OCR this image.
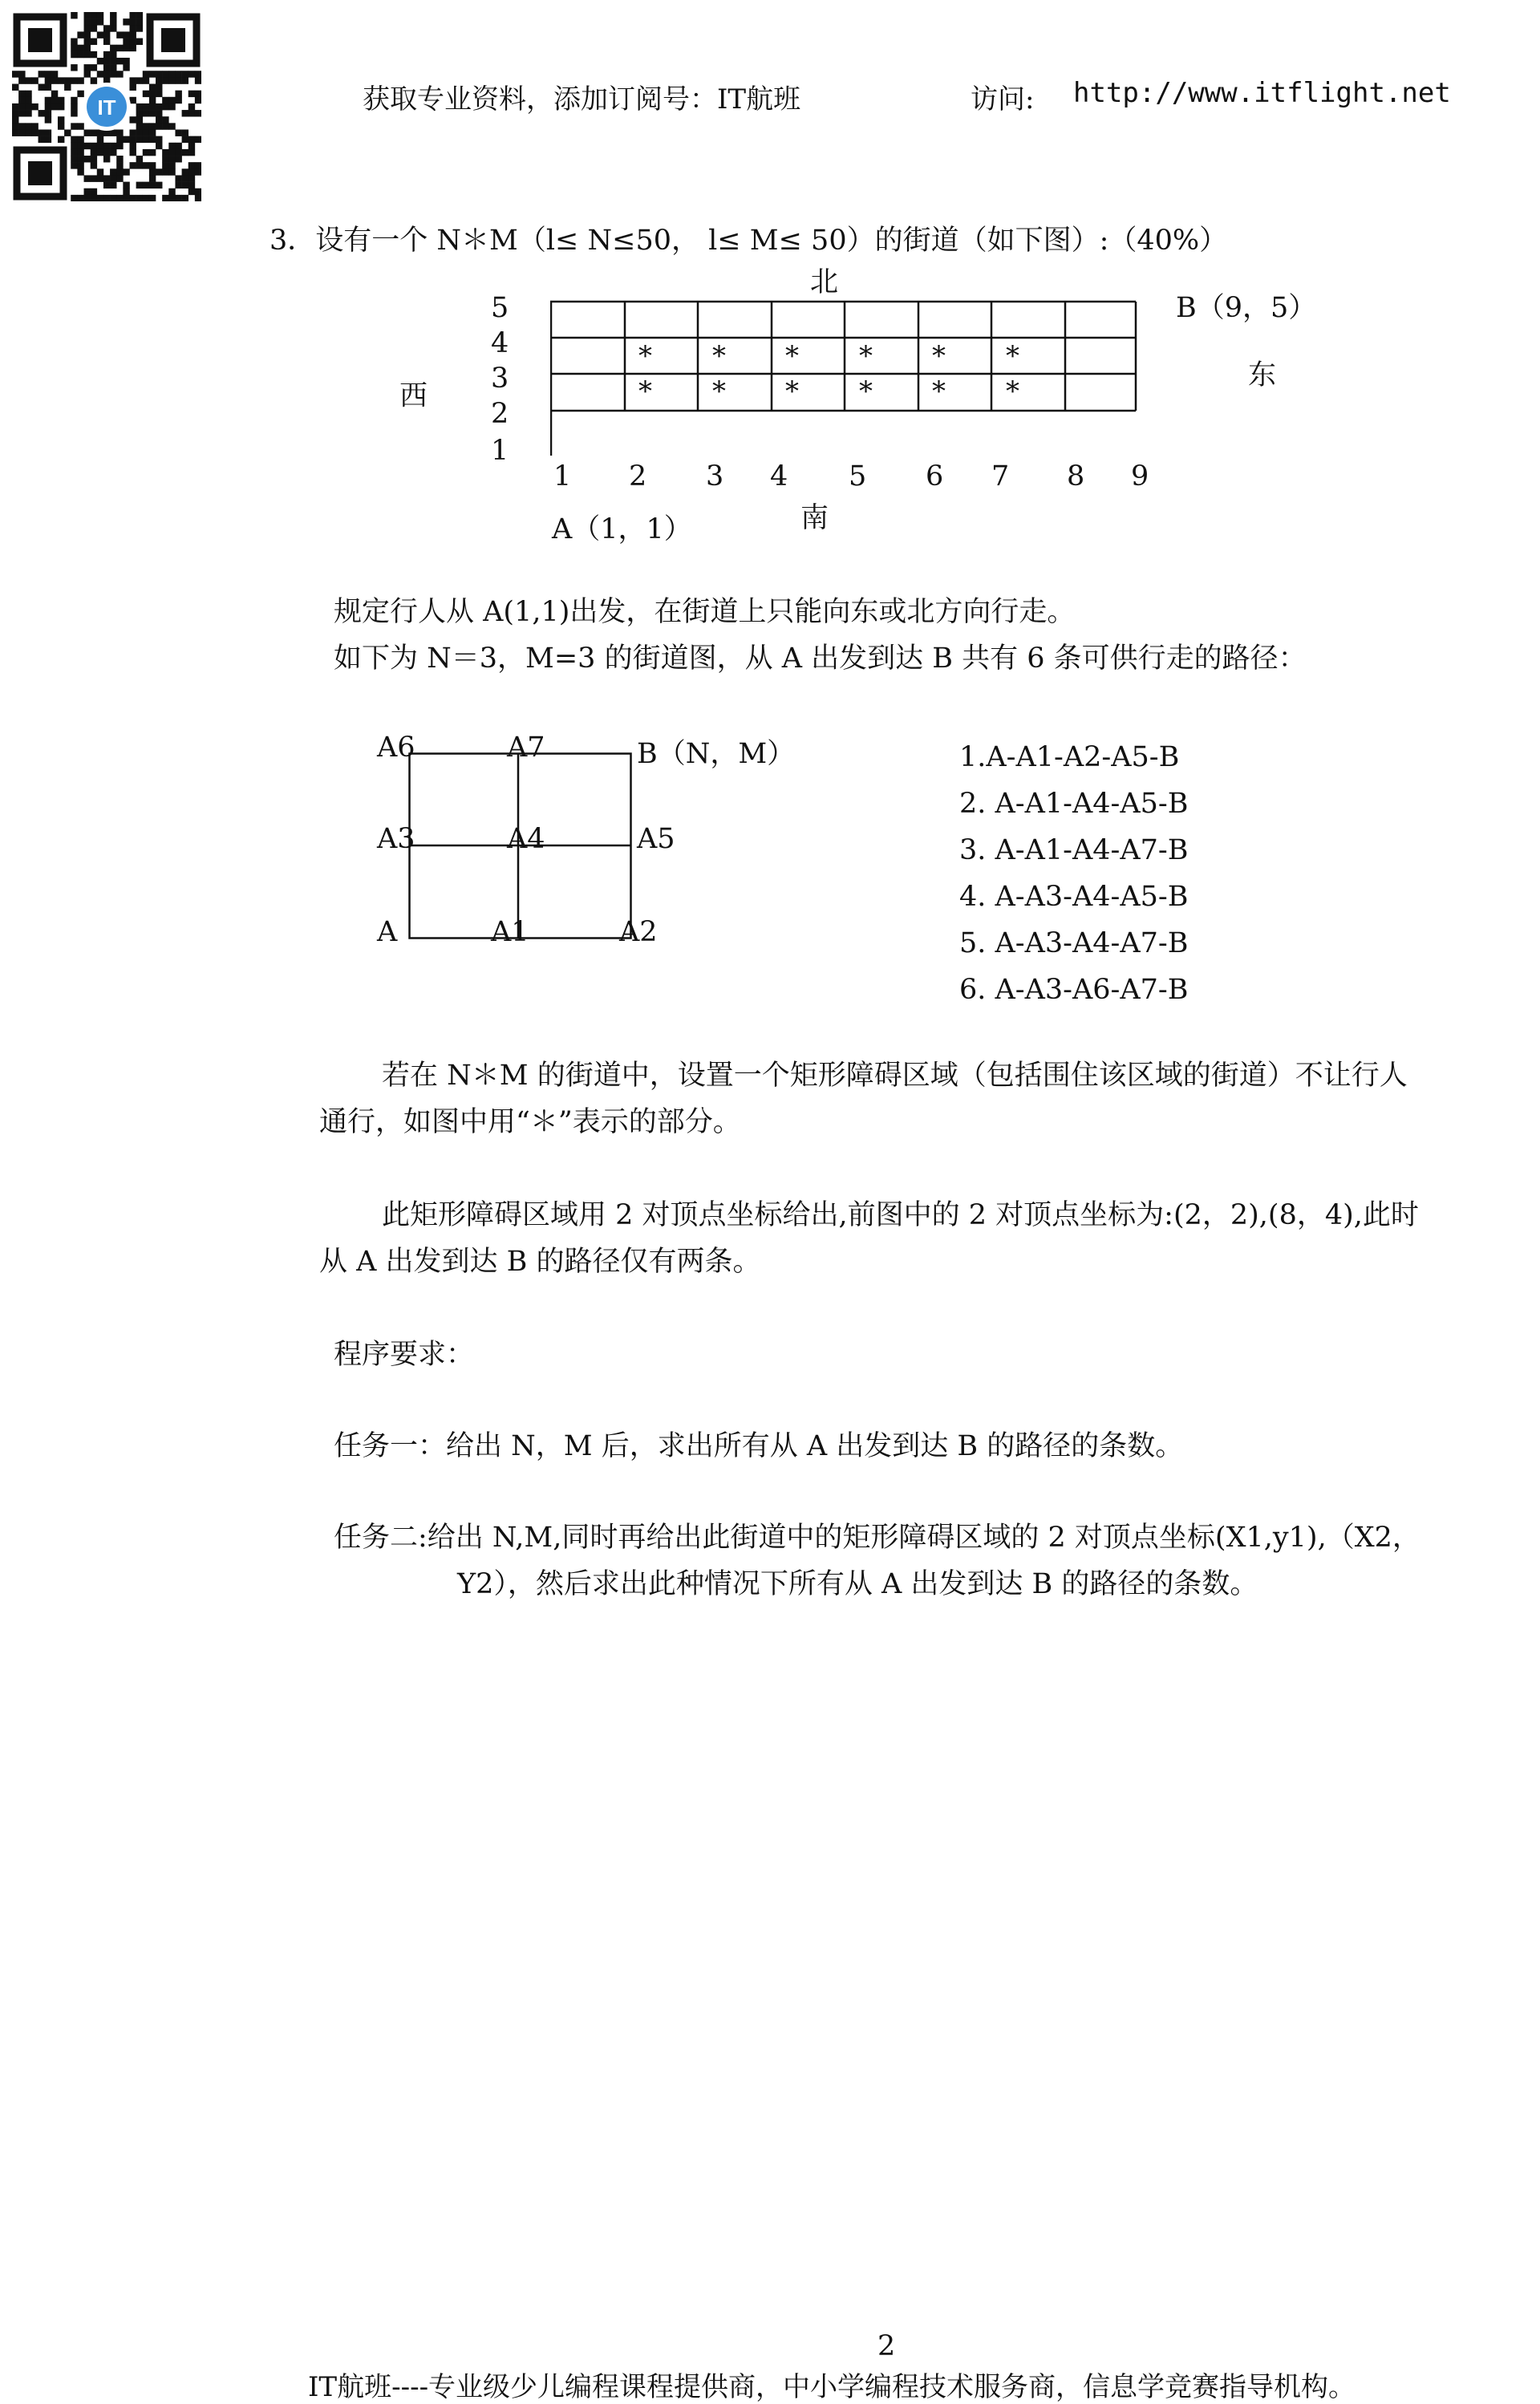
IT	获取专业资料，添加订阅号：IT航班	访问: http://www.itflight.net
3．设有一个 N＊M（l≤ N≤50， l≤ M≤ 50）的街道（如下图）:（40%）
北
B（9，5）
东
西
5
4
3
2
1
* * * * * *
* * * * * *
1 2 3 4 5 6 7 8 9
南
A（1，1）
规定行人从 A(1,1)出发，在街道上只能向东或北方向行走。
如下为 N＝3，M=3 的街道图，从 A 出发到达 B 共有 6 条可供行走的路径：
A6	A7	B（N，M）
A3	A4	A5
A	A1	A2
1.A-A1-A2-A5-B
2. A-A1-A4-A5-B
3. A-A1-A4-A7-B
4. A-A3-A4-A5-B
5. A-A3-A4-A7-B
6. A-A3-A6-A7-B
若在 N＊M 的街道中，设置一个矩形障碍区域（包括围住该区域的街道）不让行人
通行，如图中用“＊”表示的部分。
此矩形障碍区域用 2 对顶点坐标给出,前图中的 2 对顶点坐标为:(2，2),(8，4),此时
从 A 出发到达 B 的路径仅有两条。
程序要求：
任务一：给出 N，M 后，求出所有从 A 出发到达 B 的路径的条数。
任务二:给出 N,M,同时再给出此街道中的矩形障碍区域的 2 对顶点坐标(X1,y1),（X2，
Y2），然后求出此种情况下所有从 A 出发到达 B 的路径的条数。
2
IT航班----专业级少儿编程课程提供商，中小学编程技术服务商，信息学竞赛指导机构。
